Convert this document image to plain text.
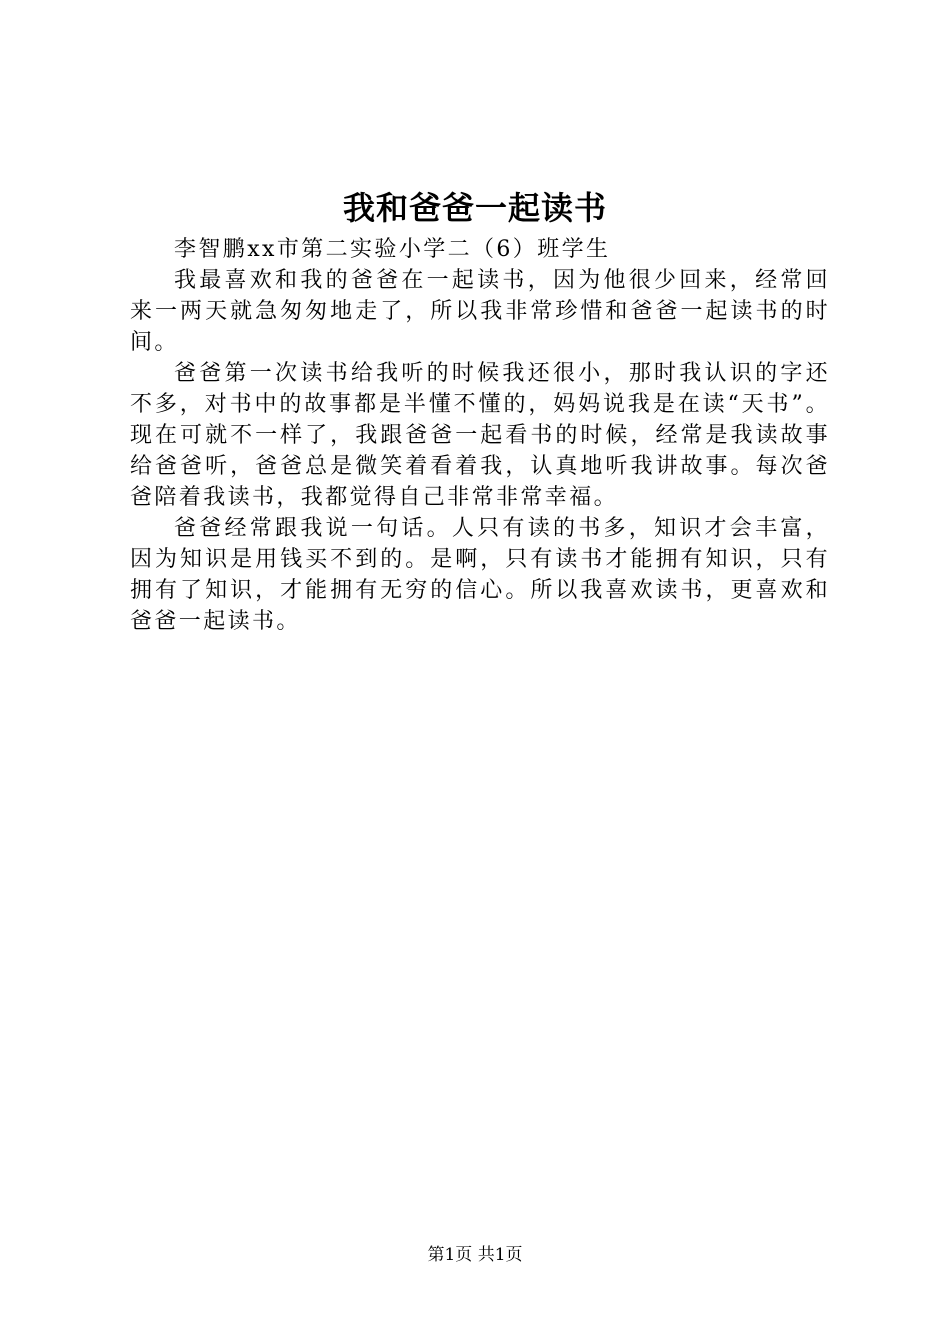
我和爸爸一起读书

李智鹏xx市第二实验小学二（6）班学生

我最喜欢和我的爸爸在一起读书，因为他很少回来，经常回来一两天就急匆匆地走了，所以我非常珍惜和爸爸一起读书的时间。

爸爸第一次读书给我听的时候我还很小，那时我认识的字还不多，对书中的故事都是半懂不懂的，妈妈说我是在读“天书”。现在可就不一样了，我跟爸爸一起看书的时候，经常是我读故事给爸爸听，爸爸总是微笑着看着我，认真地听我讲故事。每次爸爸陪着我读书，我都觉得自己非常非常幸福。

爸爸经常跟我说一句话。人只有读的书多，知识才会丰富，因为知识是用钱买不到的。是啊，只有读书才能拥有知识，只有拥有了知识，才能拥有无穷的信心。所以我喜欢读书，更喜欢和爸爸一起读书。

第1页 共1页
